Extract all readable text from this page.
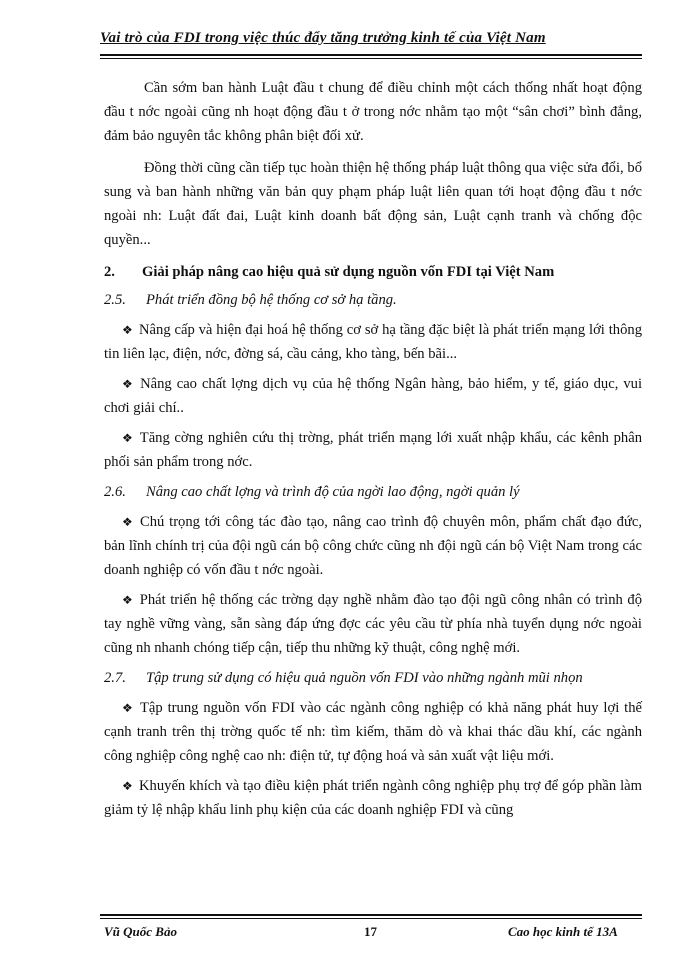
Vai trò của FDI trong việc thúc đẩy tăng trưởng kinh tế của Việt Nam

Cần sớm ban hành Luật đầu t chung để điều chỉnh một cách thống nhất hoạt động đầu t nớc ngoài cũng nh hoạt động đầu t ở trong nớc nhằm tạo một “sân chơi” bình đẳng, đảm bảo nguyên tắc không phân biệt đối xử.

Đồng thời cũng cần tiếp tục hoàn thiện hệ thống pháp luật thông qua việc sửa đổi, bổ sung và ban hành những văn bản quy phạm pháp luật liên quan tới hoạt động đầu t nớc ngoài nh: Luật đất đai, Luật kinh doanh bất động sản, Luật cạnh tranh và chống độc quyền...

2. Giải pháp nâng cao hiệu quả sử dụng nguồn vốn FDI tại Việt Nam

2.5. Phát triển đồng bộ hệ thống cơ sở hạ tầng.

❖ Nâng cấp và hiện đại hoá hệ thống cơ sở hạ tầng đặc biệt là phát triển mạng lới thông tin liên lạc, điện, nớc, đờng sá, cầu cảng, kho tàng, bến bãi...

❖ Nâng cao chất lợng dịch vụ của hệ thống Ngân hàng, bảo hiểm, y tế, giáo dục, vui chơi giải chí..

❖ Tăng cờng nghiên cứu thị trờng, phát triển mạng lới xuất nhập khẩu, các kênh phân phối sản phẩm trong nớc.

2.6. Nâng cao chất lợng và trình độ của ngời lao động, ngời quản lý

❖ Chú trọng tới công tác đào tạo, nâng cao trình độ chuyên môn, phẩm chất đạo đức, bản lĩnh chính trị của đội ngũ cán bộ công chức cũng nh đội ngũ cán bộ Việt Nam trong các doanh nghiệp có vốn đầu t nớc ngoài.

❖ Phát triển hệ thống các trờng dạy nghề nhằm đào tạo đội ngũ công nhân có trình độ tay nghề vững vàng, sẵn sàng đáp ứng đợc các yêu cầu từ phía nhà tuyển dụng nớc ngoài cũng nh nhanh chóng tiếp cận, tiếp thu những kỹ thuật, công nghệ mới.

2.7. Tập trung sử dụng có hiệu quả nguồn vốn FDI vào những ngành mũi nhọn

❖ Tập trung nguồn vốn FDI vào các ngành công nghiệp có khả năng phát huy lợi thế cạnh tranh trên thị trờng quốc tế nh: tìm kiếm, thăm dò và khai thác dầu khí, các ngành công nghiệp công nghệ cao nh: điện tử, tự động hoá và sản xuất vật liệu mới.

❖ Khuyến khích và tạo điều kiện phát triển ngành công nghiệp phụ trợ để góp phần làm giảm tỷ lệ nhập khẩu linh phụ kiện của các doanh nghiệp FDI và cũng

Vũ Quốc Bảo	17	Cao học kinh tế 13A
